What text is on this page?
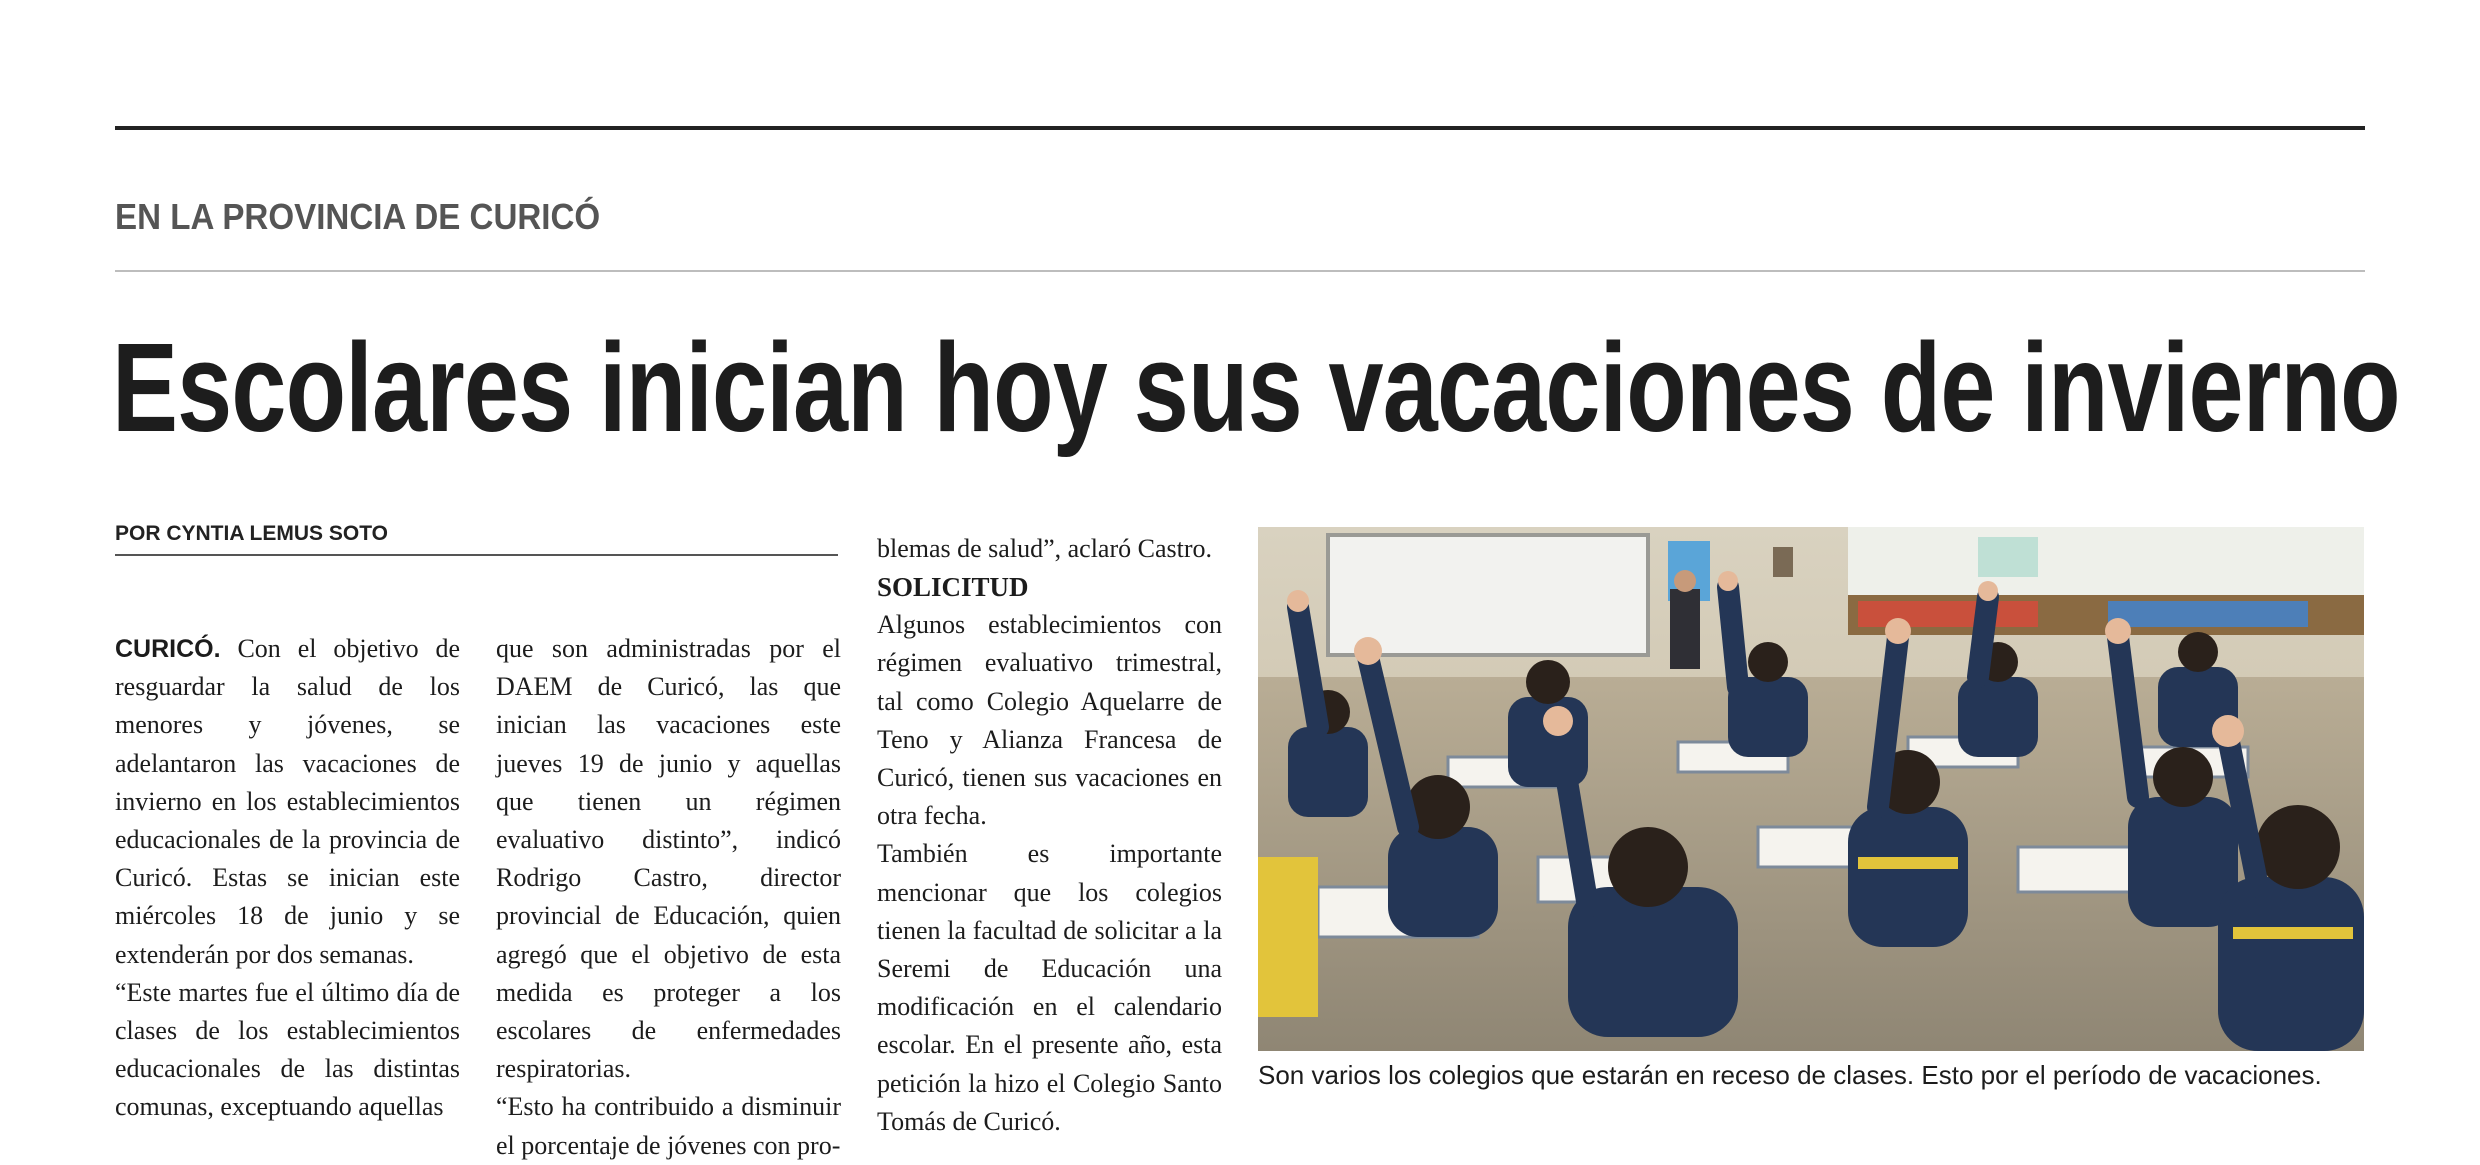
EN LA PROVINCIA DE CURICÓ
Escolares inician hoy sus vacaciones de invierno
POR CYNTIA LEMUS SOTO

CURICÓ. Con el objetivo de resguardar la salud de los menores y jóvenes, se adelantaron las vacaciones de invierno en los establecimientos educacionales de la provincia de Curicó. Estas se inician este miércoles 18 de junio y se extenderán por dos semanas.

“Este martes fue el último día de clases de los establecimientos educacionales de las distintas comunas, exceptuando aquellas

que son administradas por el DAEM de Curicó, las que inician las vacaciones este jueves 19 de junio y aquellas que tienen un régimen evaluativo distinto”, indicó Rodrigo Castro, director provincial de Educación, quien agregó que el objetivo de esta medida es proteger a los escolares de enfermedades respiratorias.

“Esto ha contribuido a disminuir el porcentaje de jóvenes con pro-

blemas de salud”, aclaró Castro.

SOLICITUD

Algunos establecimientos con régimen evaluativo trimestral, tal como Colegio Aquelarre de Teno y Alianza Francesa de Curicó, tienen sus vacaciones en otra fecha.

También es importante mencionar que los colegios tienen la facultad de solicitar a la Seremi de Educación una modificación en el calendario escolar. En el presente año, esta petición la hizo el Colegio Santo Tomás de Curicó.

Son varios los colegios que estarán en receso de clases. Esto por el período de vacaciones.
